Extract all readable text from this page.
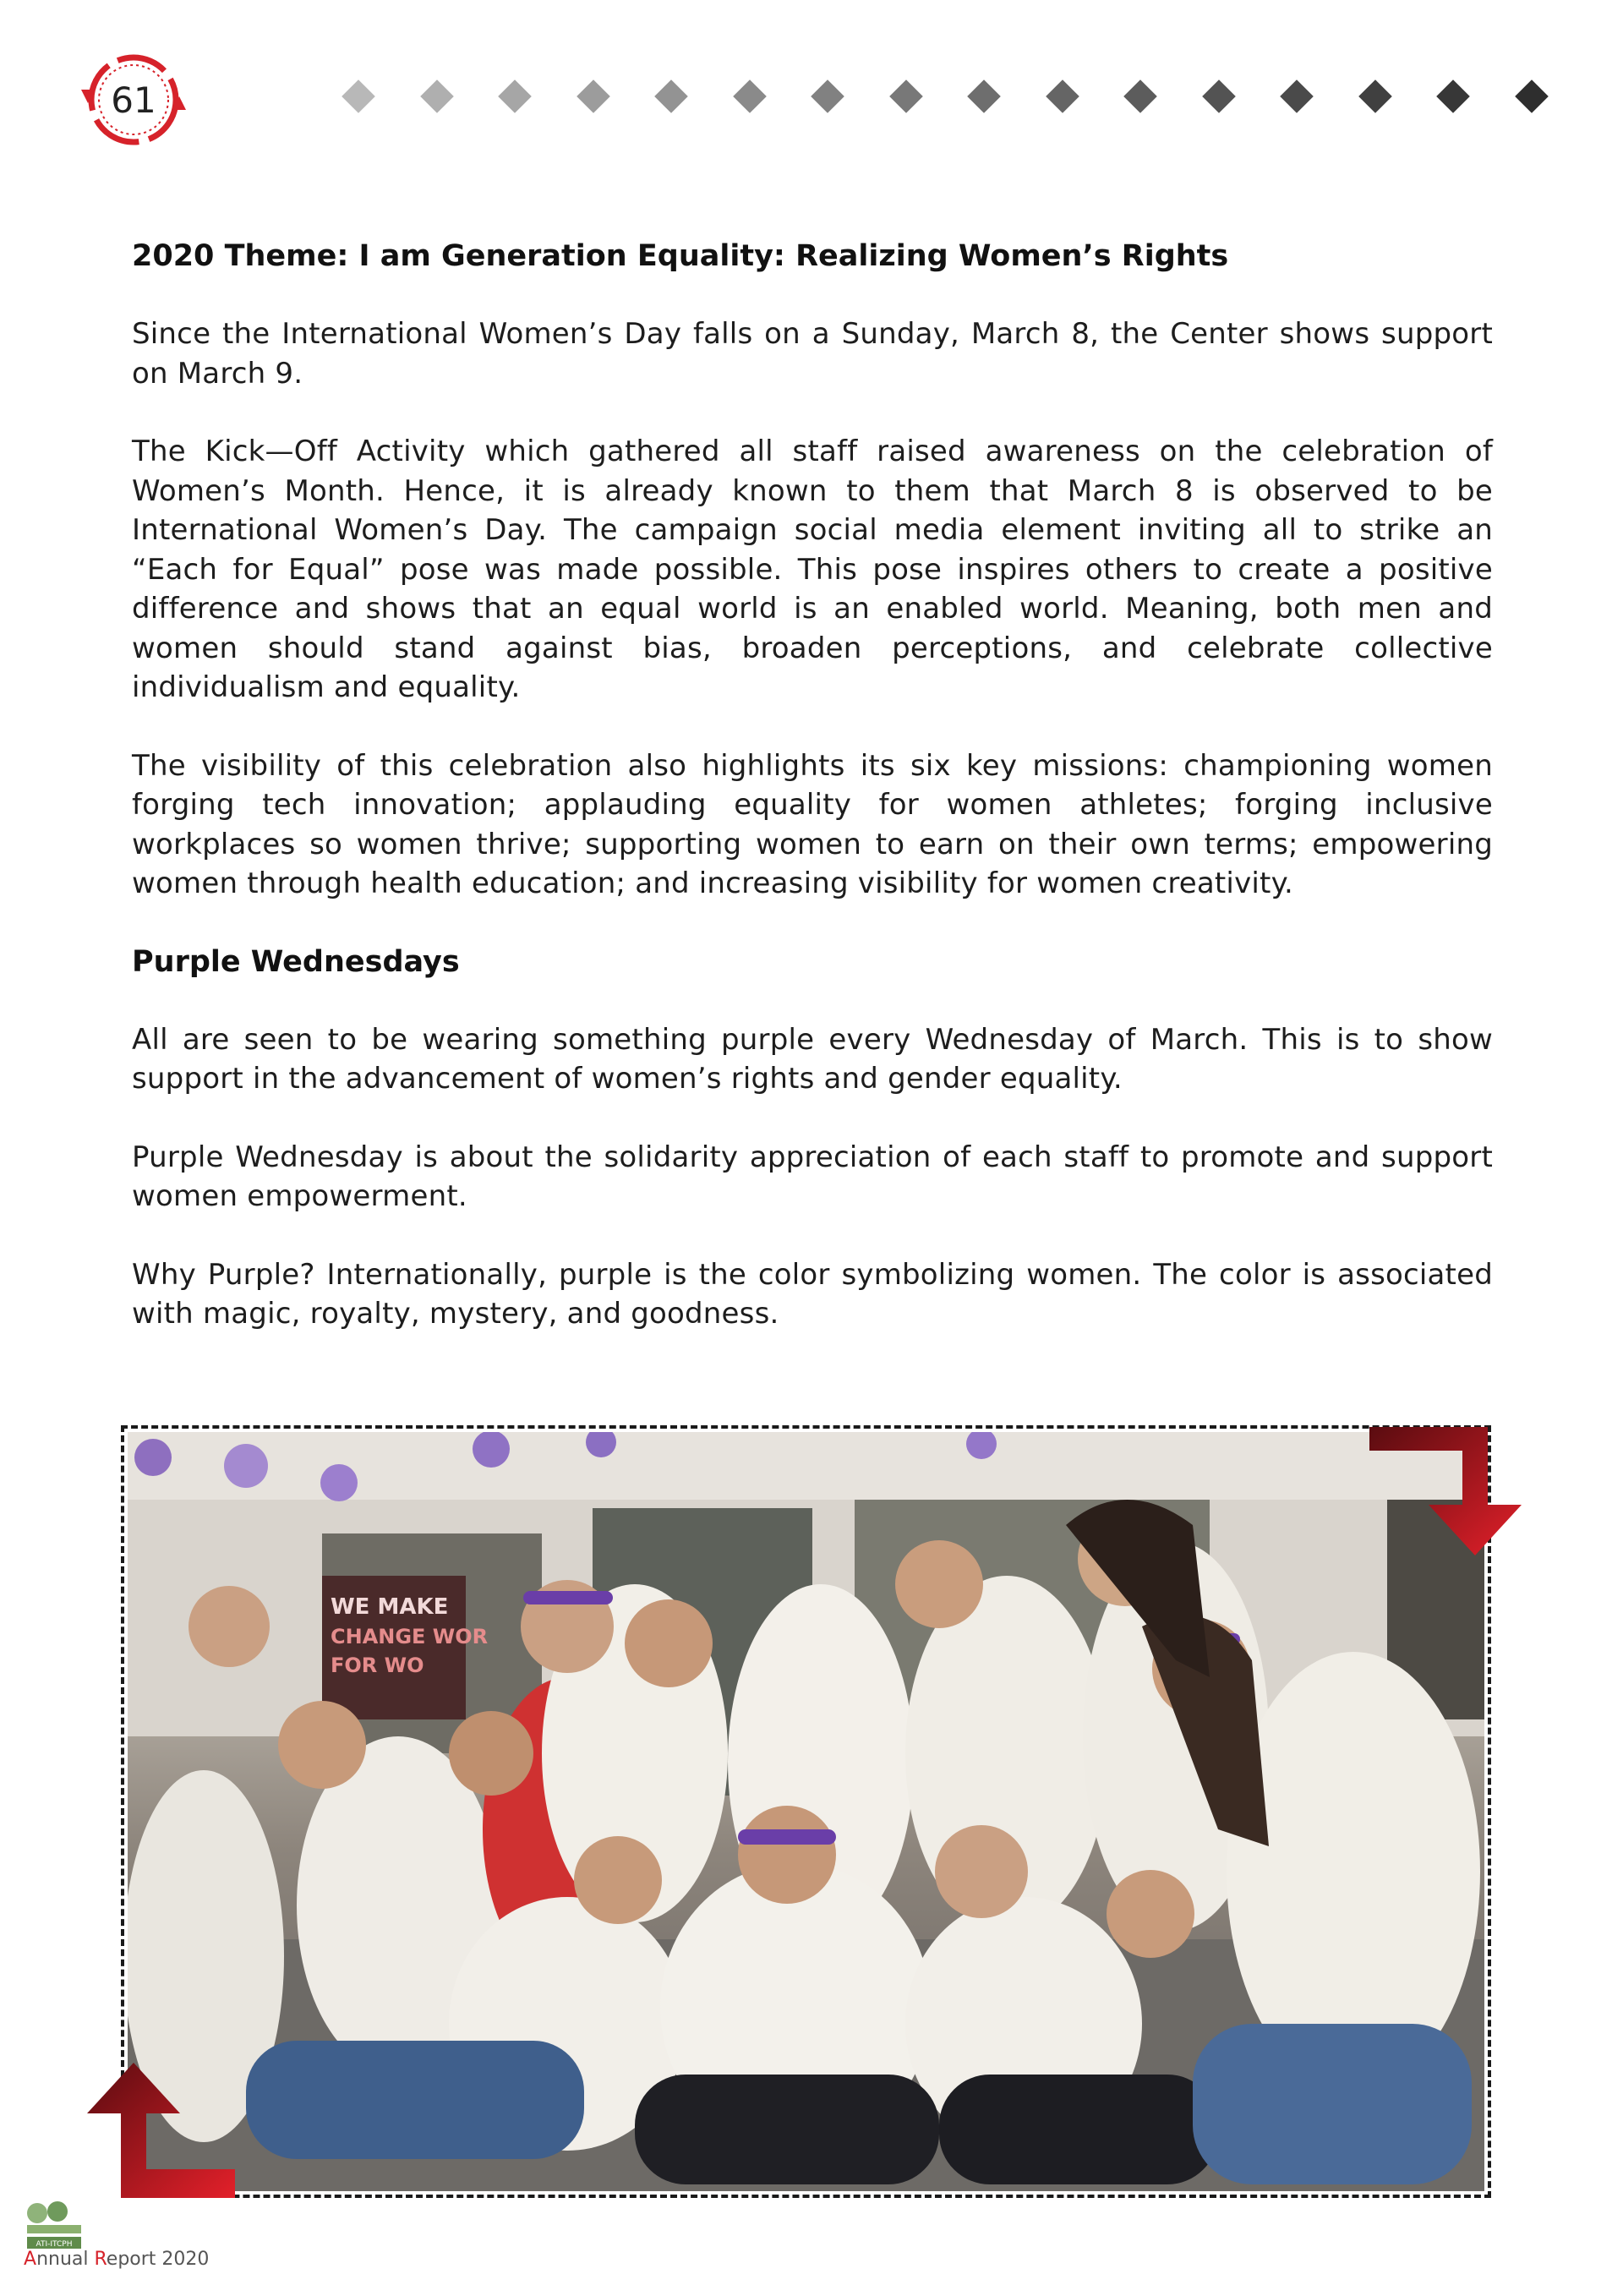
61
2020 Theme: I am Generation Equality: Realizing Women’s Rights

Since the International Women’s Day falls on a Sunday, March 8, the Center shows support on March 9.

The Kick—Off Activity which gathered all staff raised awareness on the celebration of Women’s Month. Hence, it is already known to them that March 8 is observed to be International Women’s Day. The campaign social media element inviting all to strike an “Each for Equal” pose was made possible. This pose inspires others to create a positive difference and shows that an equal world is an enabled world. Meaning, both men and women should stand against bias, broaden perceptions, and celebrate collective individualism and equality.

The visibility of this celebration also highlights its six key missions: championing women forging tech innovation; applauding equality for women athletes; forging inclusive workplaces so women thrive; supporting women to earn on their own terms; empowering women through health education; and increasing visibility for women creativity.

Purple Wednesdays

All are seen to be wearing something purple every Wednesday of March. This is to show support in the advancement of women’s rights and gender equality.

Purple Wednesday is about the solidarity appreciation of each staff to promote and support women empowerment.

Why Purple? Internationally, purple is the color symbolizing women. The color is associated with magic, royalty, mystery, and goodness.

WE MAKE
CHANGE WOR
FOR WO
ATI-ITCPH
Annual Report 2020
